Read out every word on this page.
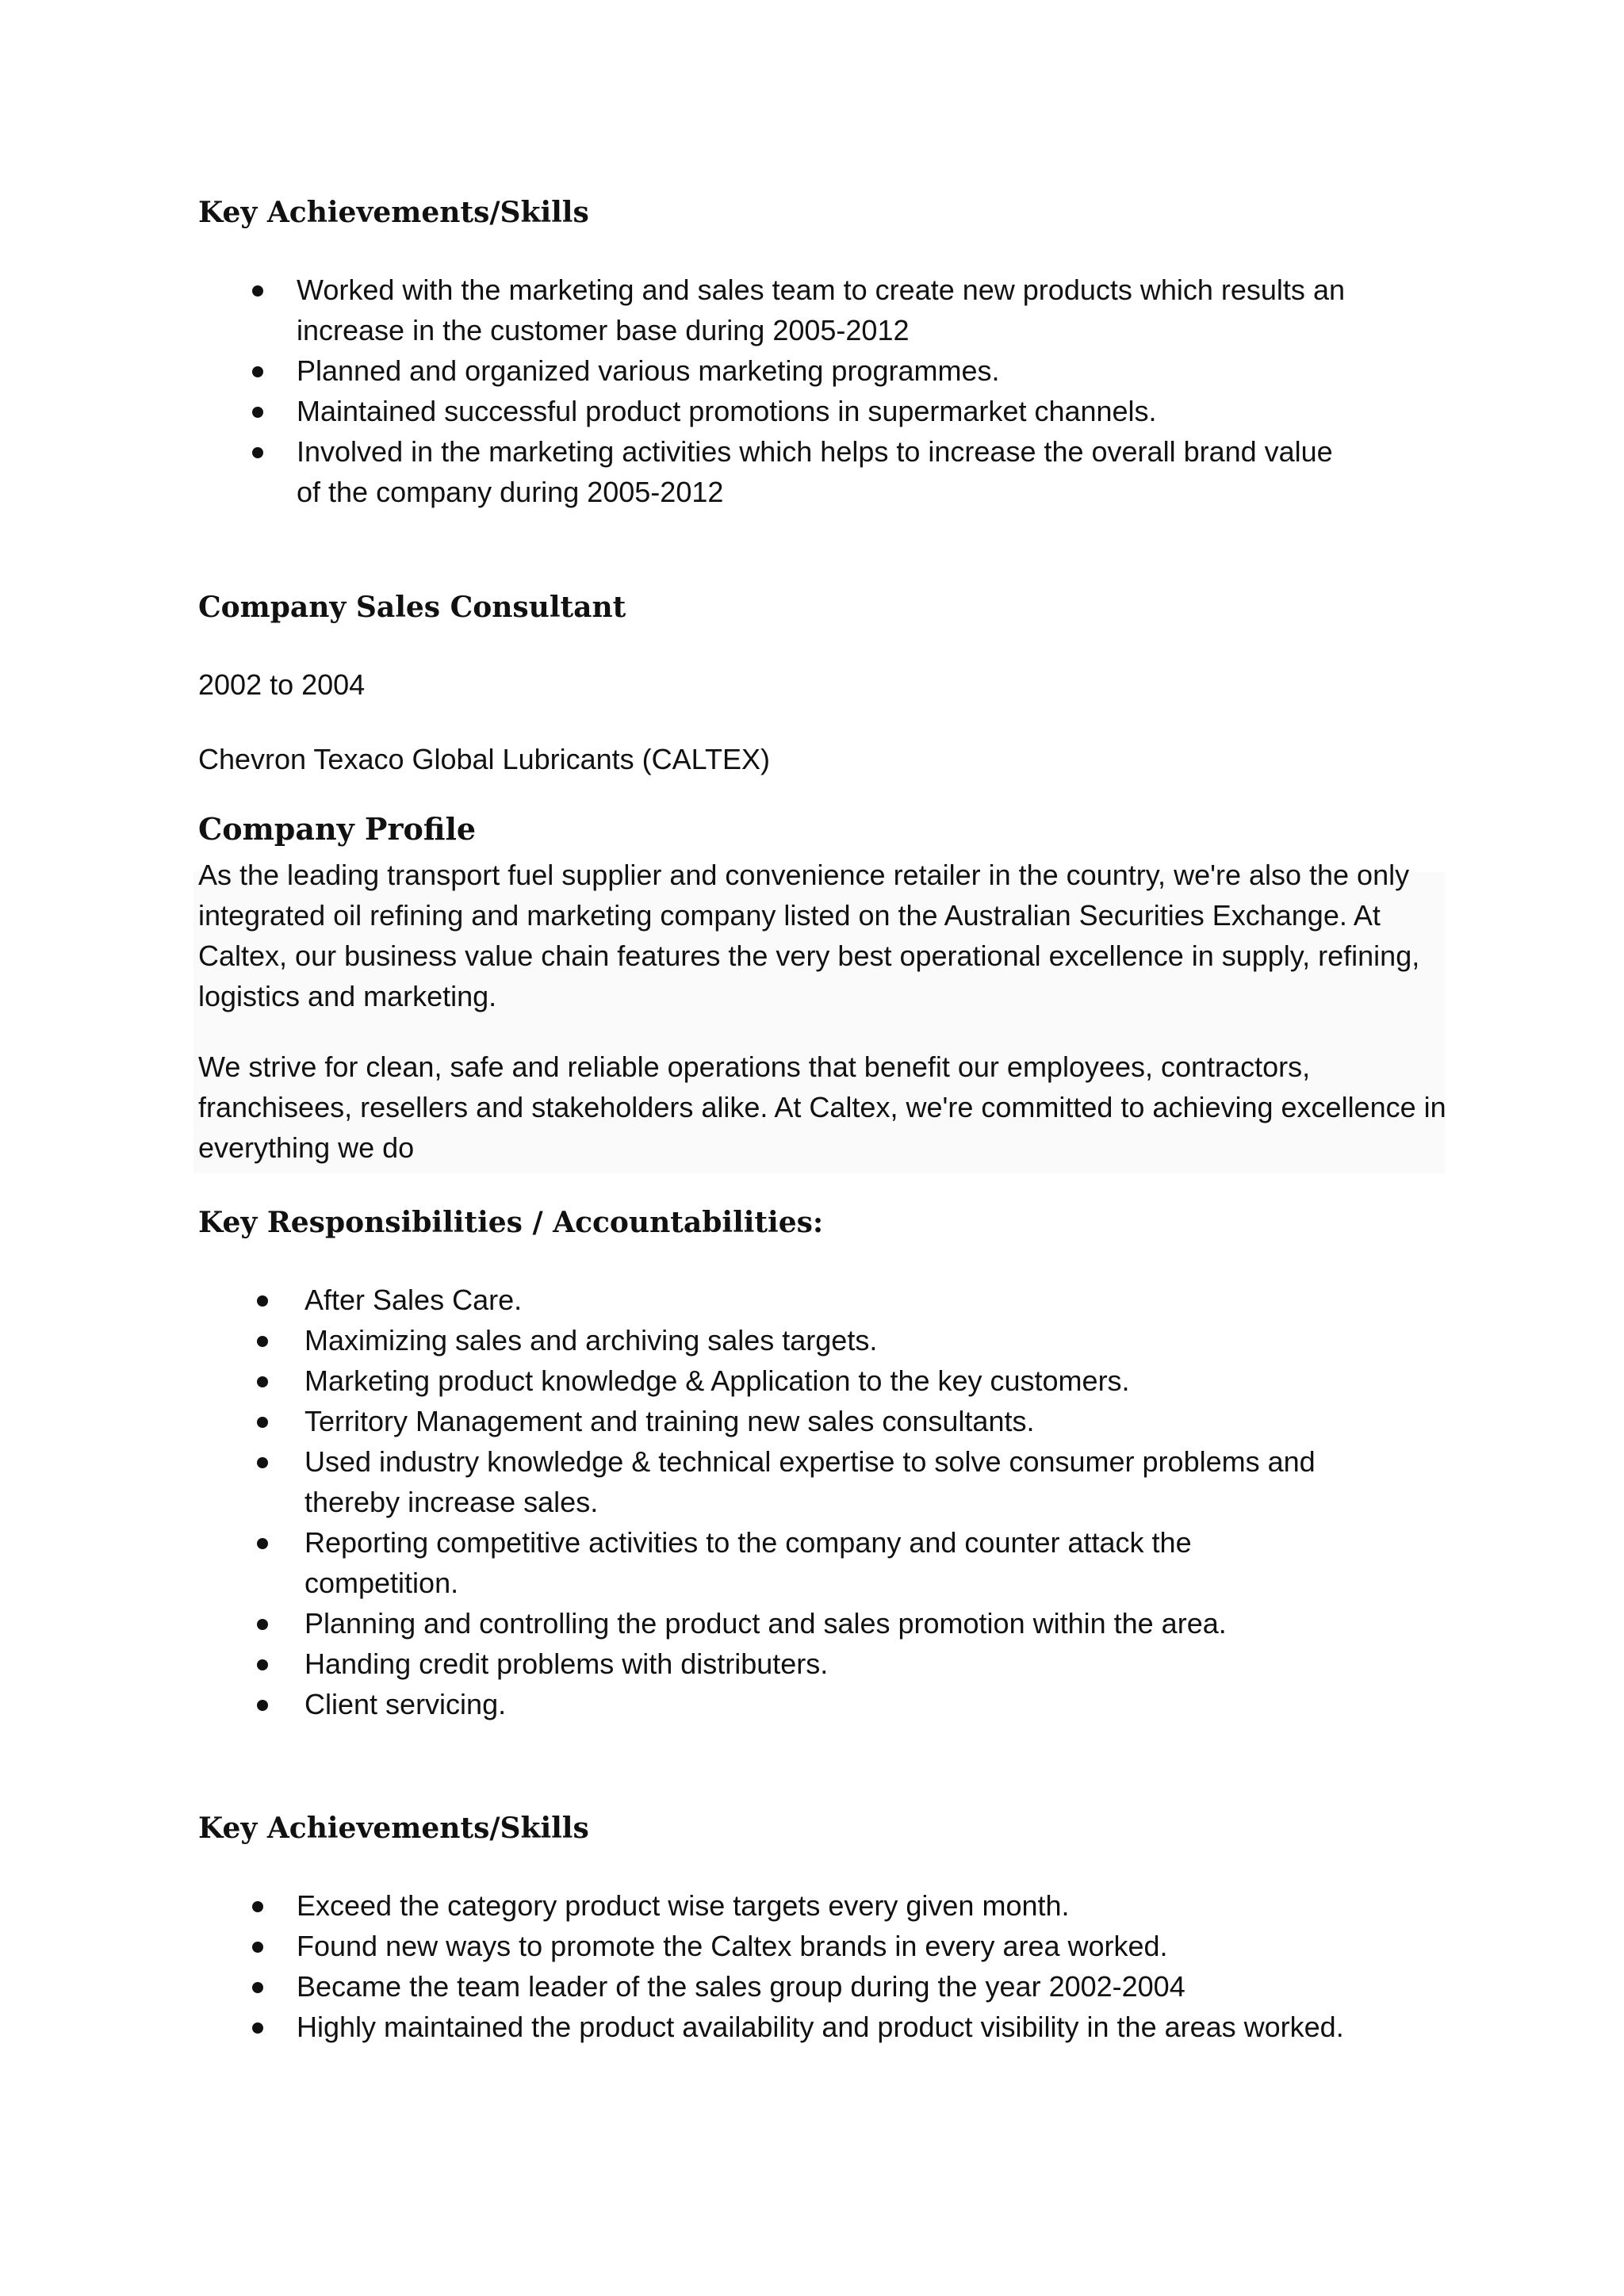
Key Achievements/Skills
Worked with the marketing and sales team to create new products which results an
increase in the customer base during 2005-2012
Planned and organized various marketing programmes.
Maintained successful product promotions in supermarket channels.
Involved in the marketing activities which helps to increase the overall brand value
of the company during 2005-2012
Company Sales Consultant

2002 to 2004

Chevron Texaco Global Lubricants (CALTEX)

Company Profile

As the leading transport fuel supplier and convenience retailer in the country, we're also the only integrated oil refining and marketing company listed on the Australian Securities Exchange. At Caltex, our business value chain features the very best operational excellence in supply, refining, logistics and marketing.

We strive for clean, safe and reliable operations that benefit our employees, contractors, franchisees, resellers and stakeholders alike. At Caltex, we're committed to achieving excellence in everything we do

Key Responsibilities / Accountabilities:
After Sales Care.
Maximizing sales and archiving sales targets.
Marketing product knowledge & Application to the key customers.
Territory Management and training new sales consultants.
Used industry knowledge & technical expertise to solve consumer problems and
thereby increase sales.
Reporting competitive activities to the company and counter attack the
competition.
Planning and controlling the product and sales promotion within the area.
Handing credit problems with distributers.
Client servicing.
Key Achievements/Skills
Exceed the category product wise targets every given month.
Found new ways to promote the Caltex brands in every area worked.
Became the team leader of the sales group during the year 2002-2004
Highly maintained the product availability and product visibility in the areas worked.
